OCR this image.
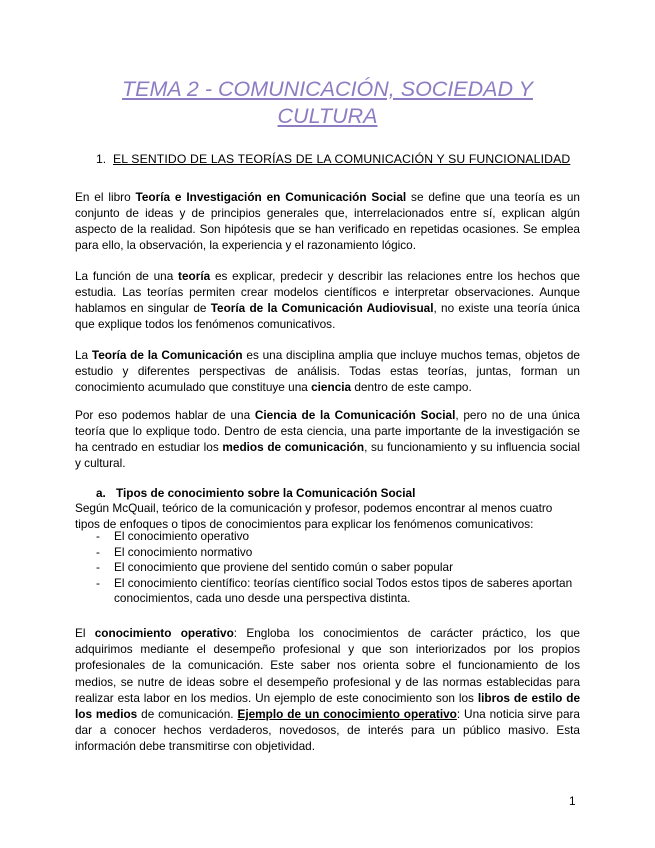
TEMA 2 - COMUNICACIÓN, SOCIEDAD Y
CULTURA
1. EL SENTIDO DE LAS TEORÍAS DE LA COMUNICACIÓN Y SU FUNCIONALIDAD

En el libro Teoría e Investigación en Comunicación Social se define que una teoría es un conjunto de ideas y de principios generales que, interrelacionados entre sí, explican algún aspecto de la realidad. Son hipótesis que se han verificado en repetidas ocasiones. Se emplea para ello, la observación, la experiencia y el razonamiento lógico.

La función de una teoría es explicar, predecir y describir las relaciones entre los hechos que estudia. Las teorías permiten crear modelos científicos e interpretar observaciones. Aunque hablamos en singular de Teoría de la Comunicación Audiovisual, no existe una teoría única que explique todos los fenómenos comunicativos.

La Teoría de la Comunicación es una disciplina amplia que incluye muchos temas, objetos de estudio y diferentes perspectivas de análisis. Todas estas teorías, juntas, forman un conocimiento acumulado que constituye una ciencia dentro de este campo.

Por eso podemos hablar de una Ciencia de la Comunicación Social, pero no de una única teoría que lo explique todo. Dentro de esta ciencia, una parte importante de la investigación se ha centrado en estudiar los medios de comunicación, su funcionamiento y su influencia social y cultural.

a. Tipos de conocimiento sobre la Comunicación Social
Según McQuail, teórico de la comunicación y profesor, podemos encontrar al menos cuatro tipos de enfoques o tipos de conocimientos para explicar los fenómenos comunicativos:
- El conocimiento operativo
- El conocimiento normativo
- El conocimiento que proviene del sentido común o saber popular
- El conocimiento científico: teorías científico social Todos estos tipos de saberes aportan conocimientos, cada uno desde una perspectiva distinta.

El conocimiento operativo: Engloba los conocimientos de carácter práctico, los que adquirimos mediante el desempeño profesional y que son interiorizados por los propios profesionales de la comunicación. Este saber nos orienta sobre el funcionamiento de los medios, se nutre de ideas sobre el desempeño profesional y de las normas establecidas para realizar esta labor en los medios. Un ejemplo de este conocimiento son los libros de estilo de los medios de comunicación. Ejemplo de un conocimiento operativo: Una noticia sirve para dar a conocer hechos verdaderos, novedosos, de interés para un público masivo. Esta información debe transmitirse con objetividad.

1
